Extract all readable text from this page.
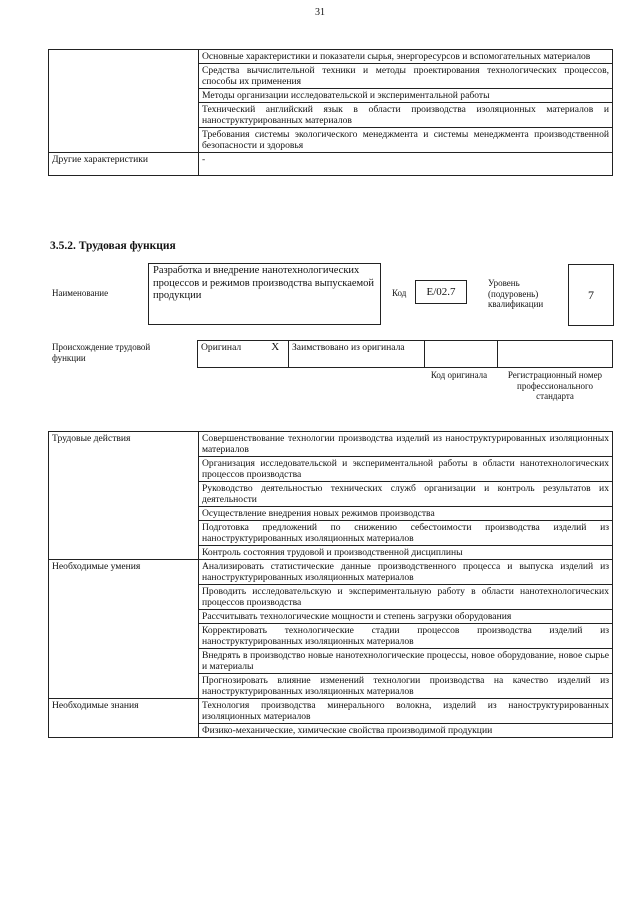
31
	Основные характеристики и показатели сырья, энергоресурсов и вспомогательных материалов
	Средства вычислительной техники и методы проектирования технологических процессов, способы их применения
	Методы организации исследовательской и экспериментальной работы
	Технический английский язык в области производства изоляционных материалов и наноструктурированных материалов
	Требования системы экологического менеджмента и системы менеджмента производственной безопасности и здоровья
Другие характеристики	-
3.5.2. Трудовая функция
Наименование
Разработка и внедрение нанотехнологических процессов и режимов производства выпускаемой продукции	Код	E/02.7
Уровень (подуровень) квалификации
7
Происхождение трудовой функции
Оригинал	X	Заимствовано из оригинала		
Код оригинала	Регистрационный номер профессионального стандарта
Трудовые действия	Совершенствование технологии производства изделий из наноструктурированных изоляционных материалов
	Организация исследовательской и экспериментальной работы в области нанотехнологических процессов производства
	Руководство деятельностью технических служб организации и контроль результатов их деятельности
	Осуществление внедрения новых режимов производства
	Подготовка предложений по снижению себестоимости производства изделий из наноструктурированных изоляционных материалов
	Контроль состояния трудовой и производственной дисциплины
Необходимые умения	Анализировать статистические данные производственного процесса и выпуска изделий из наноструктурированных изоляционных материалов
	Проводить исследовательскую и экспериментальную работу в области нанотехнологических процессов производства
	Рассчитывать технологические мощности и степень загрузки оборудования
	Корректировать технологические стадии процессов производства изделий из наноструктурированных изоляционных материалов
	Внедрять в производство новые нанотехнологические процессы, новое оборудование, новое сырье и материалы
	Прогнозировать влияние изменений технологии производства на качество изделий из наноструктурированных изоляционных материалов
Необходимые знания	Технология производства минерального волокна, изделий из наноструктурированных изоляционных материалов
	Физико-механические, химические свойства производимой продукции
